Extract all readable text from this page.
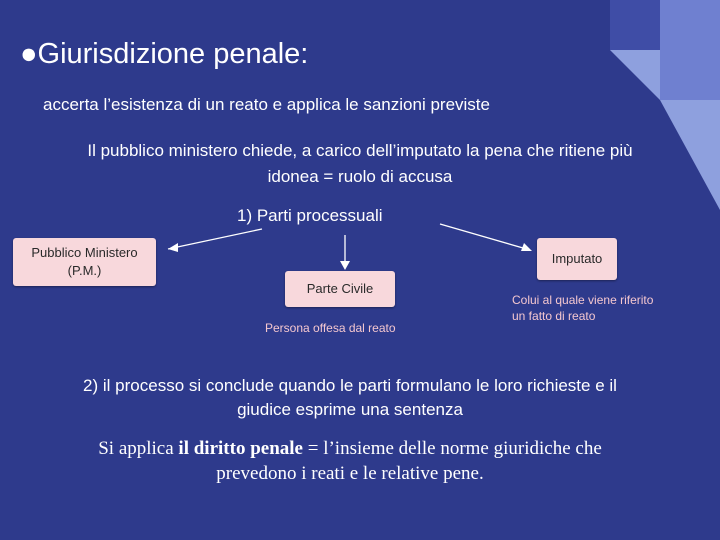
●Giurisdizione penale:
accerta l’esistenza di un reato e applica le sanzioni previste
Il pubblico ministero chiede, a carico dell’imputato la pena che ritiene più
idonea = ruolo di accusa
1) Parti processuali
Pubblico Ministero
(P.M.)
Imputato
Parte Civile
Persona offesa dal reato
Colui al quale viene riferito
un fatto di reato
2) il processo si conclude quando le parti formulano le loro richieste e il
giudice esprime una sentenza
Si applica il diritto penale = l’insieme delle norme giuridiche che
prevedono i reati e le relative pene.
